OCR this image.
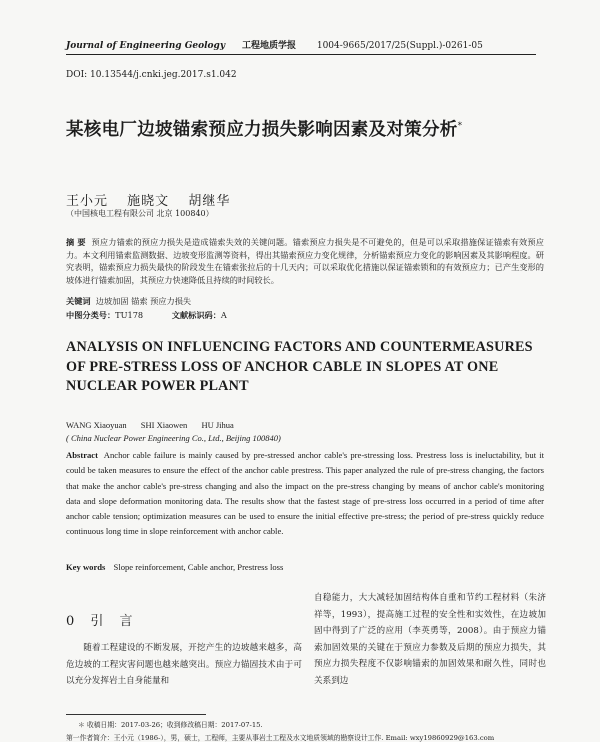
Journal of Engineering Geology 工程地质学报 1004-9665/2017/25(Suppl.)-0261-05
DOI: 10.13544/j.cnki.jeg.2017.s1.042
某核电厂边坡锚索预应力损失影响因素及对策分析*
王小元 施晓文 胡继华
（中国核电工程有限公司 北京 100840）
摘 要 预应力锚索的预应力损失是造成锚索失效的关键问题。锚索预应力损失是不可避免的，但是可以采取措施保证锚索有效预应力。本文利用锚索监测数据、边坡变形监测等资料，得出其锚索预应力变化规律，分析锚索预应力变化的影响因素及其影响程度。研究表明，锚索预应力损失最快的阶段发生在锚索张拉后的十几天内；可以采取优化措施以保证锚索锁和的有效预应力；已产生变形的坡体进行锚索加固，其预应力快速降低且持续的时间较长。
关键词 边坡加固 锚索 预应力损失
中图分类号：TU178	文献标识码：A
ANALYSIS ON INFLUENCING FACTORS AND COUNTERMEASURES OF PRE-STRESS LOSS OF ANCHOR CABLE IN SLOPES AT ONE NUCLEAR POWER PLANT
WANG Xiaoyuan SHI Xiaowen HU Jihua
( China Nuclear Power Engineering Co., Ltd., Beijing 100840)
Abstract Anchor cable failure is mainly caused by pre-stressed anchor cable's pre-stressing loss. Prestress loss is ineluctability, but it could be taken measures to ensure the effect of the anchor cable prestress. This paper analyzed the rule of pre-stress changing, the factors that make the anchor cable's pre-stress changing and also the impact on the pre-stress changing by means of anchor cable's monitoring data and slope deformation monitoring data. The results show that the fastest stage of pre-stress loss occurred in a period of time after anchor cable tension; optimization measures can be used to ensure the initial effective pre-stress; the period of pre-stress quickly reduce continuous long time in slope reinforcement with anchor cable.
Key words Slope reinforcement, Cable anchor, Prestress loss
0 引 言
随着工程建设的不断发展，开挖产生的边坡越来越多，高危边坡的工程灾害问题也越来越突出。预应力锚固技术由于可以充分发挥岩土自身能量和
自稳能力，大大减轻加固结构体自重和节约工程材料（朱济祥等，1993），提高施工过程的安全性和实效性，在边坡加固中得到了广泛的应用（李英勇等，2008）。由于预应力锚索加固效果的关键在于预应力参数及后期的预应力损失，其预应力损失程度不仅影响锚索的加固效果和耐久性，同时也关系到边
＊ 收稿日期：2017-03-26；收到修改稿日期：2017-07-15.
第一作者简介：王小元（1986-），男，硕士，工程师，主要从事岩土工程及水文地质领域的勘察设计工作. Email: wxy19860929@163.com
